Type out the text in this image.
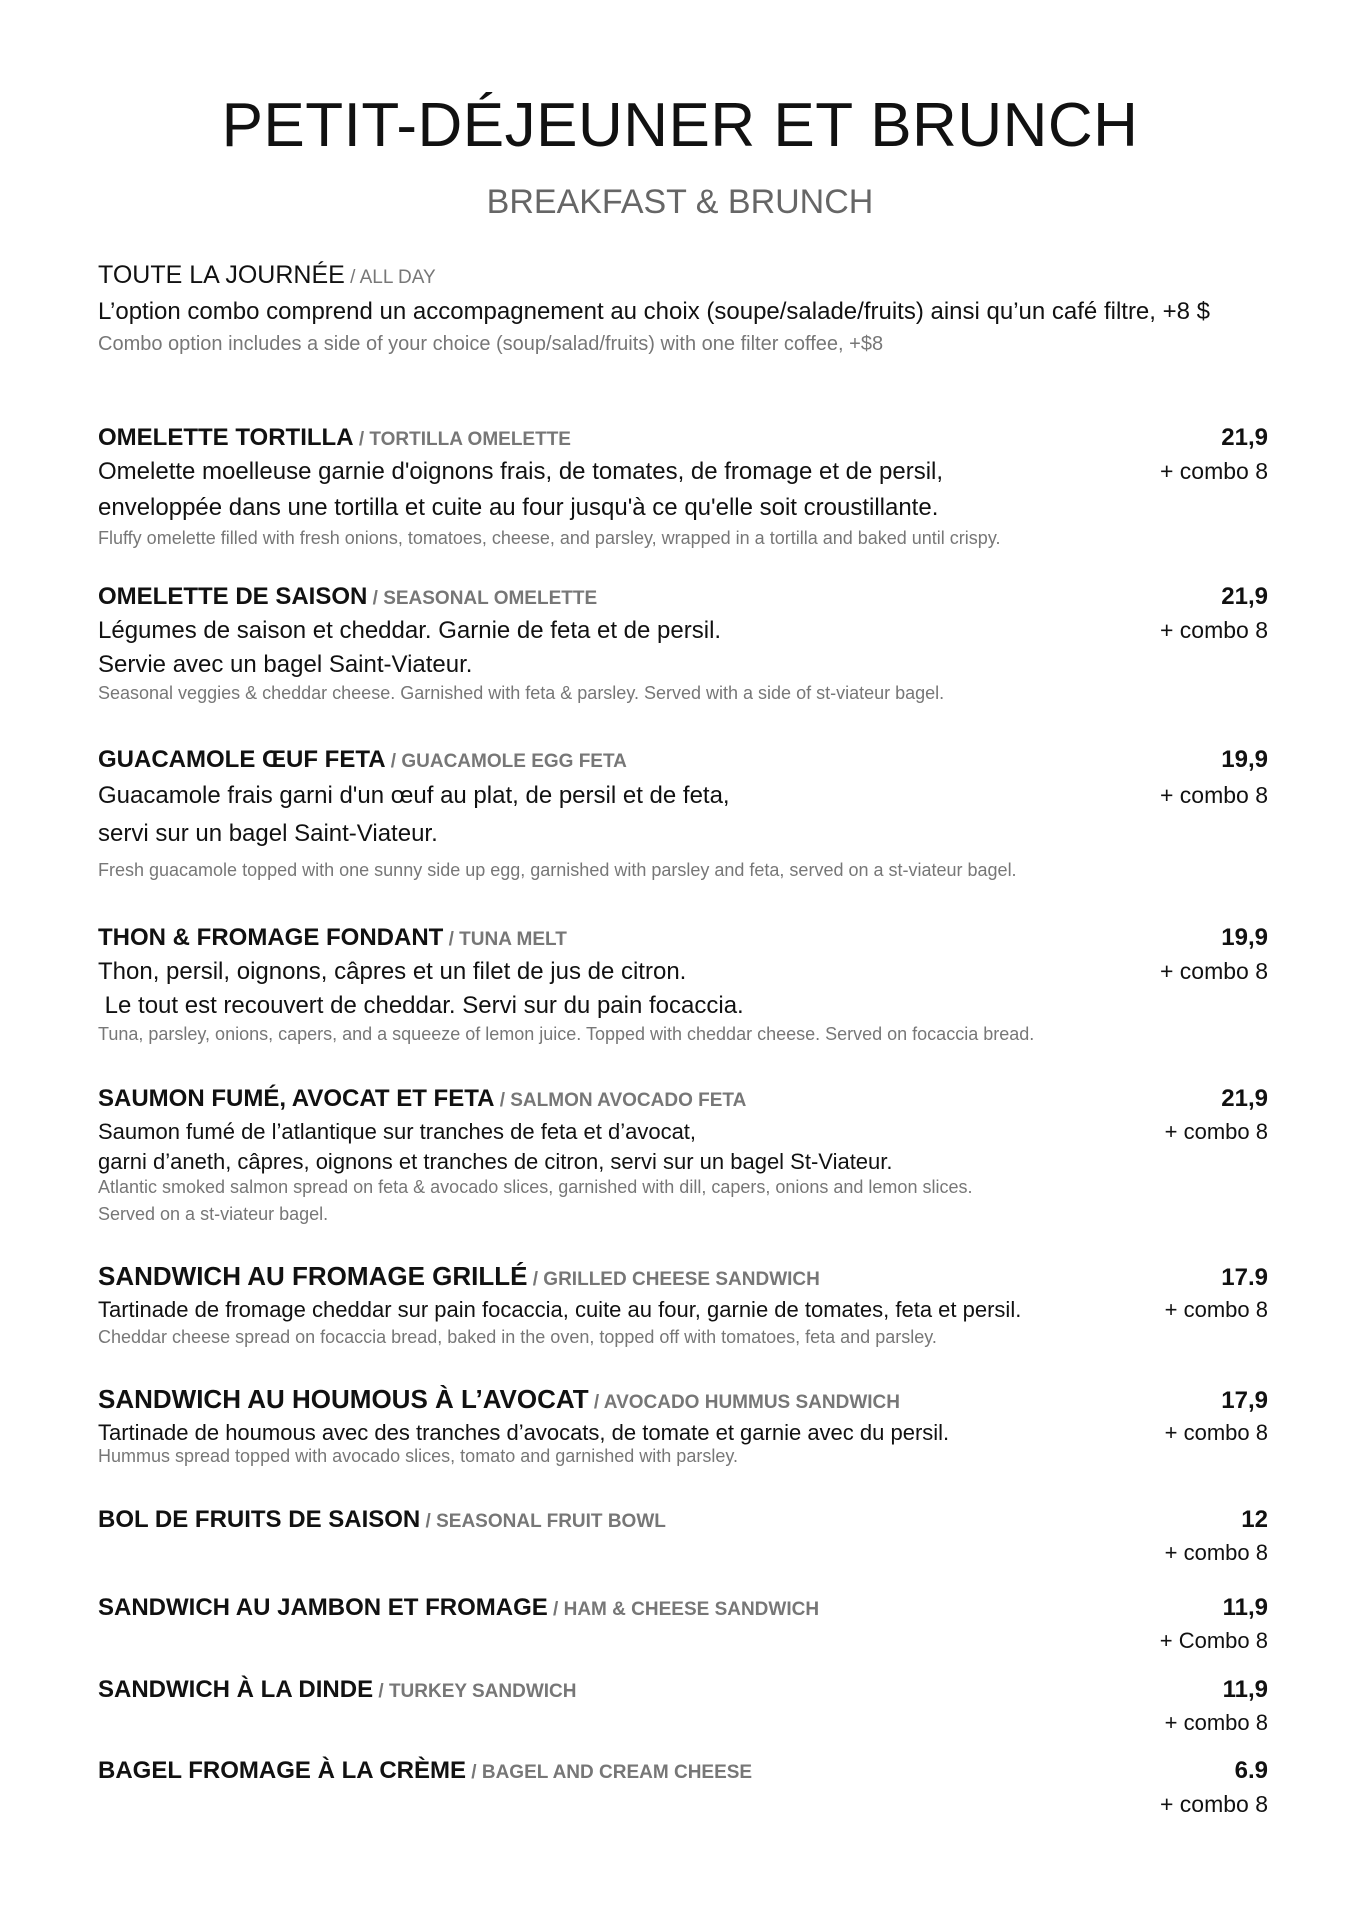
PETIT-DÉJEUNER ET BRUNCH
BREAKFAST & BRUNCH
TOUTE LA JOURNÉE / ALL DAY
L’option combo comprend un accompagnement au choix (soupe/salade/fruits) ainsi qu’un café filtre, +8 $
Combo option includes a side of your choice (soup/salad/fruits) with one filter coffee, +$8
OMELETTE TORTILLA / TORTILLA OMELETTE	21,9
Omelette moelleuse garnie d'oignons frais, de tomates, de fromage et de persil,	+ combo 8
enveloppée dans une tortilla et cuite au four jusqu'à ce qu'elle soit croustillante.
Fluffy omelette filled with fresh onions, tomatoes, cheese, and parsley, wrapped in a tortilla and baked until crispy.
OMELETTE DE SAISON / SEASONAL OMELETTE	21,9
Légumes de saison et cheddar. Garnie de feta et de persil.	+ combo 8
Servie avec un bagel Saint-Viateur.
Seasonal veggies & cheddar cheese. Garnished with feta & parsley. Served with a side of st-viateur bagel.
GUACAMOLE ŒUF FETA / GUACAMOLE EGG FETA	19,9
Guacamole frais garni d'un œuf au plat, de persil et de feta,	+ combo 8
servi sur un bagel Saint-Viateur.
Fresh guacamole topped with one sunny side up egg, garnished with parsley and feta, served on a st-viateur bagel.
THON & FROMAGE FONDANT / TUNA MELT	19,9
Thon, persil, oignons, câpres et un filet de jus de citron.	+ combo 8
Le tout est recouvert de cheddar. Servi sur du pain focaccia.
Tuna, parsley, onions, capers, and a squeeze of lemon juice. Topped with cheddar cheese. Served on focaccia bread.
SAUMON FUMÉ, AVOCAT ET FETA / SALMON AVOCADO FETA	21,9
Saumon fumé de l’atlantique sur tranches de feta et d’avocat,	+ combo 8
garni d’aneth, câpres, oignons et tranches de citron, servi sur un bagel St-Viateur.
Atlantic smoked salmon spread on feta & avocado slices, garnished with dill, capers, onions and lemon slices.
Served on a st-viateur bagel.
SANDWICH AU FROMAGE GRILLÉ / GRILLED CHEESE SANDWICH	17.9
Tartinade de fromage cheddar sur pain focaccia, cuite au four, garnie de tomates, feta et persil.	+ combo 8
Cheddar cheese spread on focaccia bread, baked in the oven, topped off with tomatoes, feta and parsley.
SANDWICH AU HOUMOUS À L’AVOCAT / AVOCADO HUMMUS SANDWICH	17,9
Tartinade de houmous avec des tranches d’avocats, de tomate et garnie avec du persil.	+ combo 8
Hummus spread topped with avocado slices, tomato and garnished with parsley.
BOL DE FRUITS DE SAISON / SEASONAL FRUIT BOWL	12
+ combo 8
SANDWICH AU JAMBON ET FROMAGE / HAM & CHEESE SANDWICH	11,9
+ Combo 8
SANDWICH À LA DINDE / TURKEY SANDWICH	11,9
+ combo 8
BAGEL FROMAGE À LA CRÈME / BAGEL AND CREAM CHEESE	6.9
+ combo 8
